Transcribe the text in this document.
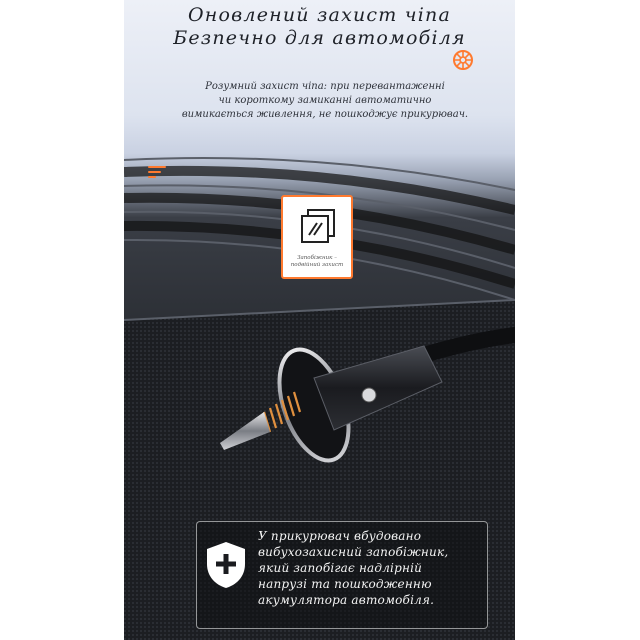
Оновлений захист чіпа
Безпечно для автомобіля
Розумний захист чіпа: при перевантаженні
чи короткому замиканні автоматично
вимикається живлення, не пошкоджує прикурювач.
Запобіжник –
подвійний захист
У прикурювач вбудовано
вибухозахисний запобіжник,
який запобігає надлірній
напрузі та пошкодженню
акумулятора автомобіля.
